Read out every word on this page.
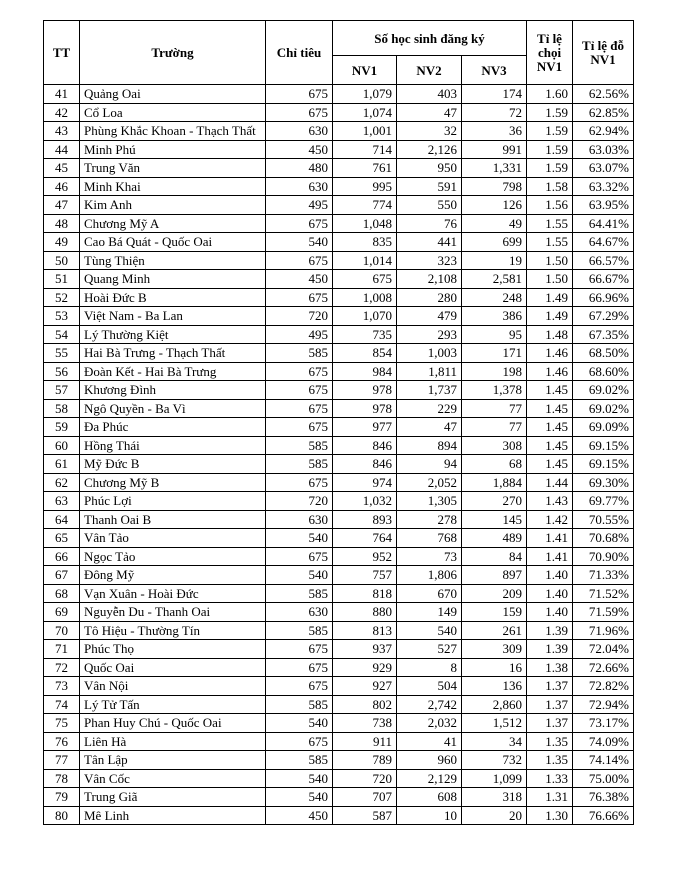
TT	Trường	Chỉ tiêu	Số học sinh đăng ký			Tỉ lệ chọi NV1	Tỉ lệ đỗ NV1
			NV1	NV2	NV3		
41	Quảng Oai	675	1,079	403	174	1.60	62.56%
42	Cổ Loa	675	1,074	47	72	1.59	62.85%
43	Phùng Khắc Khoan - Thạch Thất	630	1,001	32	36	1.59	62.94%
44	Minh Phú	450	714	2,126	991	1.59	63.03%
45	Trung Văn	480	761	950	1,331	1.59	63.07%
46	Minh Khai	630	995	591	798	1.58	63.32%
47	Kim Anh	495	774	550	126	1.56	63.95%
48	Chương Mỹ A	675	1,048	76	49	1.55	64.41%
49	Cao Bá Quát - Quốc Oai	540	835	441	699	1.55	64.67%
50	Tùng Thiện	675	1,014	323	19	1.50	66.57%
51	Quang Minh	450	675	2,108	2,581	1.50	66.67%
52	Hoài Đức B	675	1,008	280	248	1.49	66.96%
53	Việt Nam - Ba Lan	720	1,070	479	386	1.49	67.29%
54	Lý Thường Kiệt	495	735	293	95	1.48	67.35%
55	Hai Bà Trưng - Thạch Thất	585	854	1,003	171	1.46	68.50%
56	Đoàn Kết - Hai Bà Trưng	675	984	1,811	198	1.46	68.60%
57	Khương Đình	675	978	1,737	1,378	1.45	69.02%
58	Ngô Quyền - Ba Vì	675	978	229	77	1.45	69.02%
59	Đa Phúc	675	977	47	77	1.45	69.09%
60	Hồng Thái	585	846	894	308	1.45	69.15%
61	Mỹ Đức B	585	846	94	68	1.45	69.15%
62	Chương Mỹ B	675	974	2,052	1,884	1.44	69.30%
63	Phúc Lợi	720	1,032	1,305	270	1.43	69.77%
64	Thanh Oai B	630	893	278	145	1.42	70.55%
65	Vân Tảo	540	764	768	489	1.41	70.68%
66	Ngọc Tảo	675	952	73	84	1.41	70.90%
67	Đông Mỹ	540	757	1,806	897	1.40	71.33%
68	Vạn Xuân - Hoài Đức	585	818	670	209	1.40	71.52%
69	Nguyễn Du - Thanh Oai	630	880	149	159	1.40	71.59%
70	Tô Hiệu - Thường Tín	585	813	540	261	1.39	71.96%
71	Phúc Thọ	675	937	527	309	1.39	72.04%
72	Quốc Oai	675	929	8	16	1.38	72.66%
73	Vân Nội	675	927	504	136	1.37	72.82%
74	Lý Tử Tấn	585	802	2,742	2,860	1.37	72.94%
75	Phan Huy Chú - Quốc Oai	540	738	2,032	1,512	1.37	73.17%
76	Liên Hà	675	911	41	34	1.35	74.09%
77	Tân Lập	585	789	960	732	1.35	74.14%
78	Vân Cốc	540	720	2,129	1,099	1.33	75.00%
79	Trung Giã	540	707	608	318	1.31	76.38%
80	Mê Linh	450	587	10	20	1.30	76.66%
